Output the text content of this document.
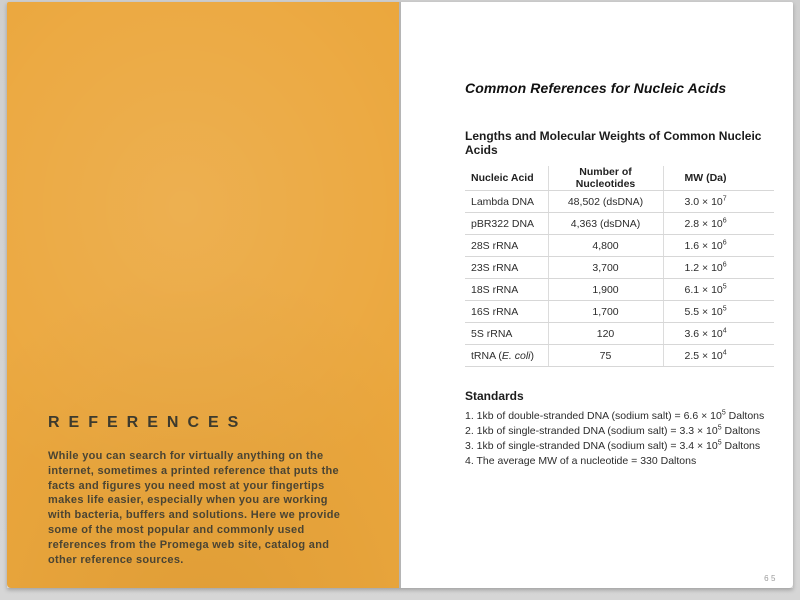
REFERENCES

While you can search for virtually anything on the internet, sometimes a printed reference that puts the facts and figures you need most at your fingertips makes life easier, especially when you are working with bacteria, buffers and solutions. Here we provide some of the most popular and commonly used references from the Promega web site, catalog and other reference sources.

Common References for Nucleic Acids
Lengths and Molecular Weights of Common Nucleic Acids
Nucleic Acid	Number of Nucleotides	MW (Da)
Lambda DNA	48,502 (dsDNA)	$3.0 \times 10^7$
pBR322 DNA	4,363 (dsDNA)	$2.8 \times 10^6$
28S rRNA	4,800	$1.6 \times 10^6$
23S rRNA	3,700	$1.2 \times 10^6$
18S rRNA	1,900	$6.1 \times 10^5$
16S rRNA	1,700	$5.5 \times 10^5$
5S rRNA	120	$3.6 \times 10^4$
tRNA (E. coli)	75	$2.5 \times 10^4$
Standards

1. 1kb of double-stranded DNA (sodium salt) = $6.6 \times 10^5$ Daltons

2. 1kb of single-stranded DNA (sodium salt) = $3.3 \times 10^5$ Daltons

3. 1kb of single-stranded DNA (sodium salt) = $3.4 \times 10^5$ Daltons

4. The average MW of a nucleotide = 330 Daltons

65
